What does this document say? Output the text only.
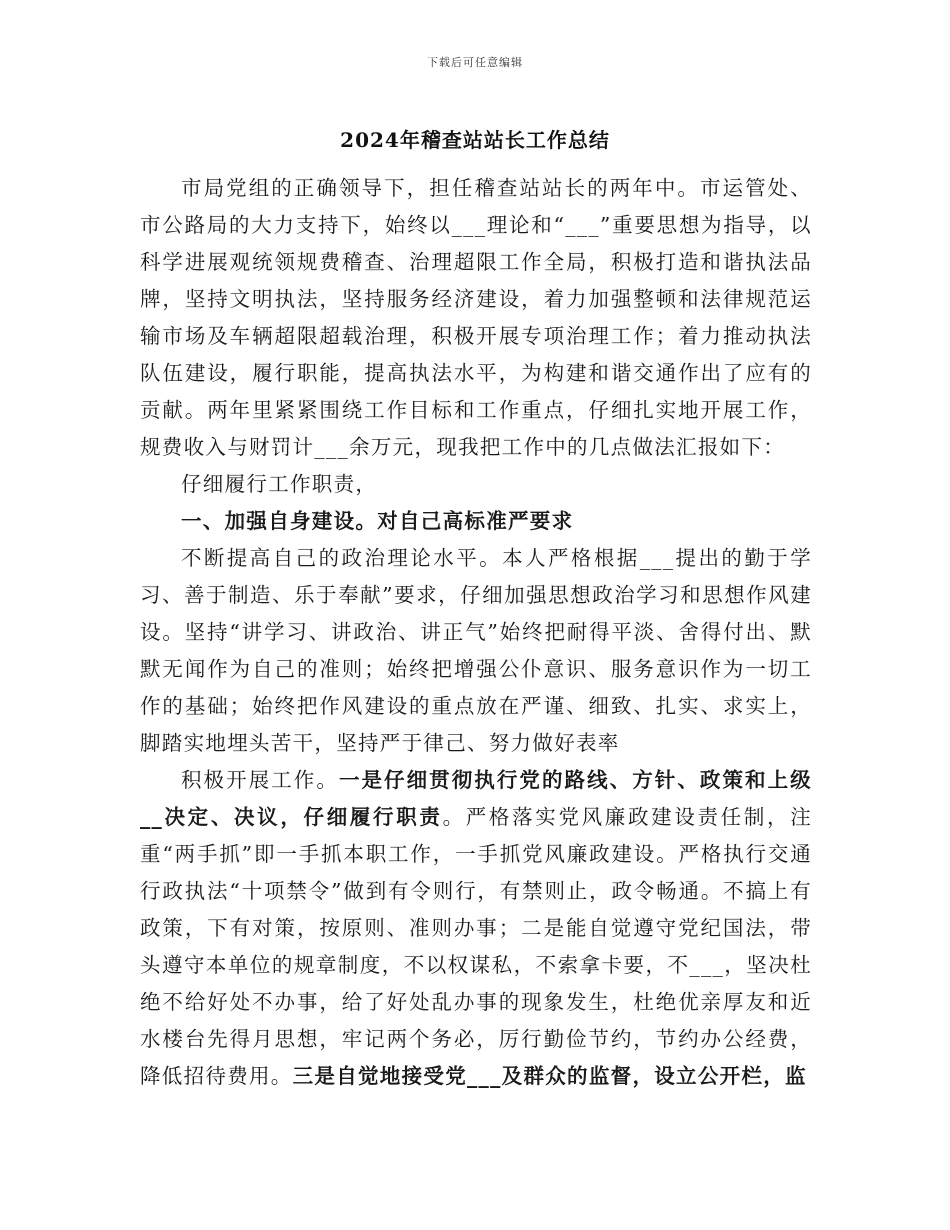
下载后可任意编辑
2024年稽查站站长工作总结

市局党组的正确领导下，担任稽查站站长的两年中。市运管处、市公路局的大力支持下，始终以___理论和“___”重要思想为指导，以科学进展观统领规费稽查、治理超限工作全局，积极打造和谐执法品牌，坚持文明执法，坚持服务经济建设，着力加强整顿和法律规范运输市场及车辆超限超载治理，积极开展专项治理工作；着力推动执法队伍建设，履行职能，提高执法水平，为构建和谐交通作出了应有的贡献。两年里紧紧围绕工作目标和工作重点，仔细扎实地开展工作，规费收入与财罚计___余万元，现我把工作中的几点做法汇报如下：

仔细履行工作职责，

一、加强自身建设。对自己高标准严要求

不断提高自己的政治理论水平。本人严格根据___提出的勤于学习、善于制造、乐于奉献”要求，仔细加强思想政治学习和思想作风建设。坚持“讲学习、讲政治、讲正气”始终把耐得平淡、舍得付出、默默无闻作为自己的准则；始终把增强公仆意识、服务意识作为一切工作的基础；始终把作风建设的重点放在严谨、细致、扎实、求实上，脚踏实地埋头苦干，坚持严于律己、努力做好表率

积极开展工作。一是仔细贯彻执行党的路线、方针、政策和上级__决定、决议，仔细履行职责。严格落实党风廉政建设责任制，注重“两手抓”即一手抓本职工作，一手抓党风廉政建设。严格执行交通行政执法“十项禁令”做到有令则行，有禁则止，政令畅通。不搞上有政策，下有对策，按原则、准则办事；二是能自觉遵守党纪国法，带头遵守本单位的规章制度，不以权谋私，不索拿卡要，不___，坚决杜绝不给好处不办事，给了好处乱办事的现象发生，杜绝优亲厚友和近水楼台先得月思想，牢记两个务必，厉行勤俭节约，节约办公经费，降低招待费用。三是自觉地接受党___及群众的监督，设立公开栏，监
